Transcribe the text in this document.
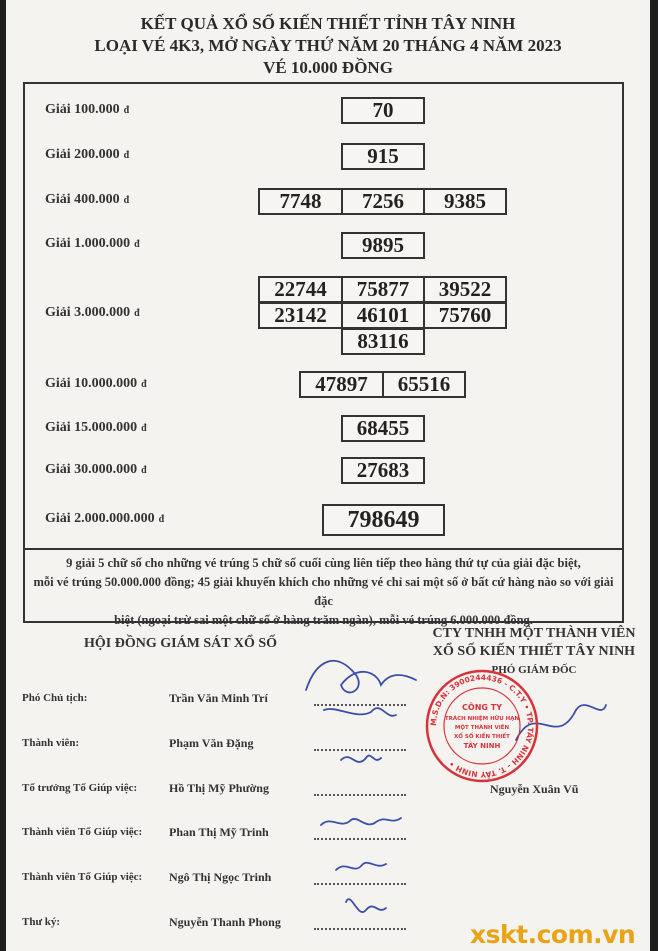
KẾT QUẢ XỔ SỐ KIẾN THIẾT TỈNH TÂY NINH
LOẠI VÉ 4K3, MỞ NGÀY THỨ NĂM 20 THÁNG 4 NĂM 2023
VÉ 10.000 ĐỒNG
Giải 100.000 đ	70
Giải 200.000 đ	915
Giải 400.000 đ	7748	7256	9385
Giải 1.000.000 đ	9895
Giải 3.000.000 đ
22744	75877	39522
23142	46101	75760
83116
Giải 10.000.000 đ	47897	65516
Giải 15.000.000 đ	68455
Giải 30.000.000 đ	27683
Giải 2.000.000.000 đ	798649
9 giải 5 chữ số cho những vé trúng 5 chữ số cuối cùng liên tiếp theo hàng thứ tự của giải đặc biệt,
mỗi vé trúng 50.000.000 đồng; 45 giải khuyến khích cho những vé chỉ sai một số ở bất cứ hàng nào so với giải đặc
biệt (ngoại trừ sai một chữ số ở hàng trăm ngàn), mỗi vé trúng 6.000.000 đồng.
HỘI ĐỒNG GIÁM SÁT XỔ SỐ
CTY TNHH MỘT THÀNH VIÊN
XỔ SỐ KIẾN THIẾT TÂY NINH
PHÓ GIÁM ĐỐC
Phó Chủ tịch:	Trần Văn Minh Trí
Thành viên:	Phạm Văn Đặng
Tổ trưởng Tổ Giúp việc:	Hồ Thị Mỹ Phường
Thành viên Tổ Giúp việc: Phan Thị Mỹ Trinh
Thành viên Tổ Giúp việc: Ngô Thị Ngọc Trinh
Thư ký:	Nguyễn Thanh Phong
M.S.D.N: 3900244436 - C.T.Y • TP. TÂY NINH - T. TÂY NINH •
CÔNG TY
TRÁCH NHIỆM HỮU HẠN
MỘT THÀNH VIÊN
XỔ SỐ KIẾN THIẾT
TÂY NINH
Nguyễn Xuân Vũ
xskt.com.vn
